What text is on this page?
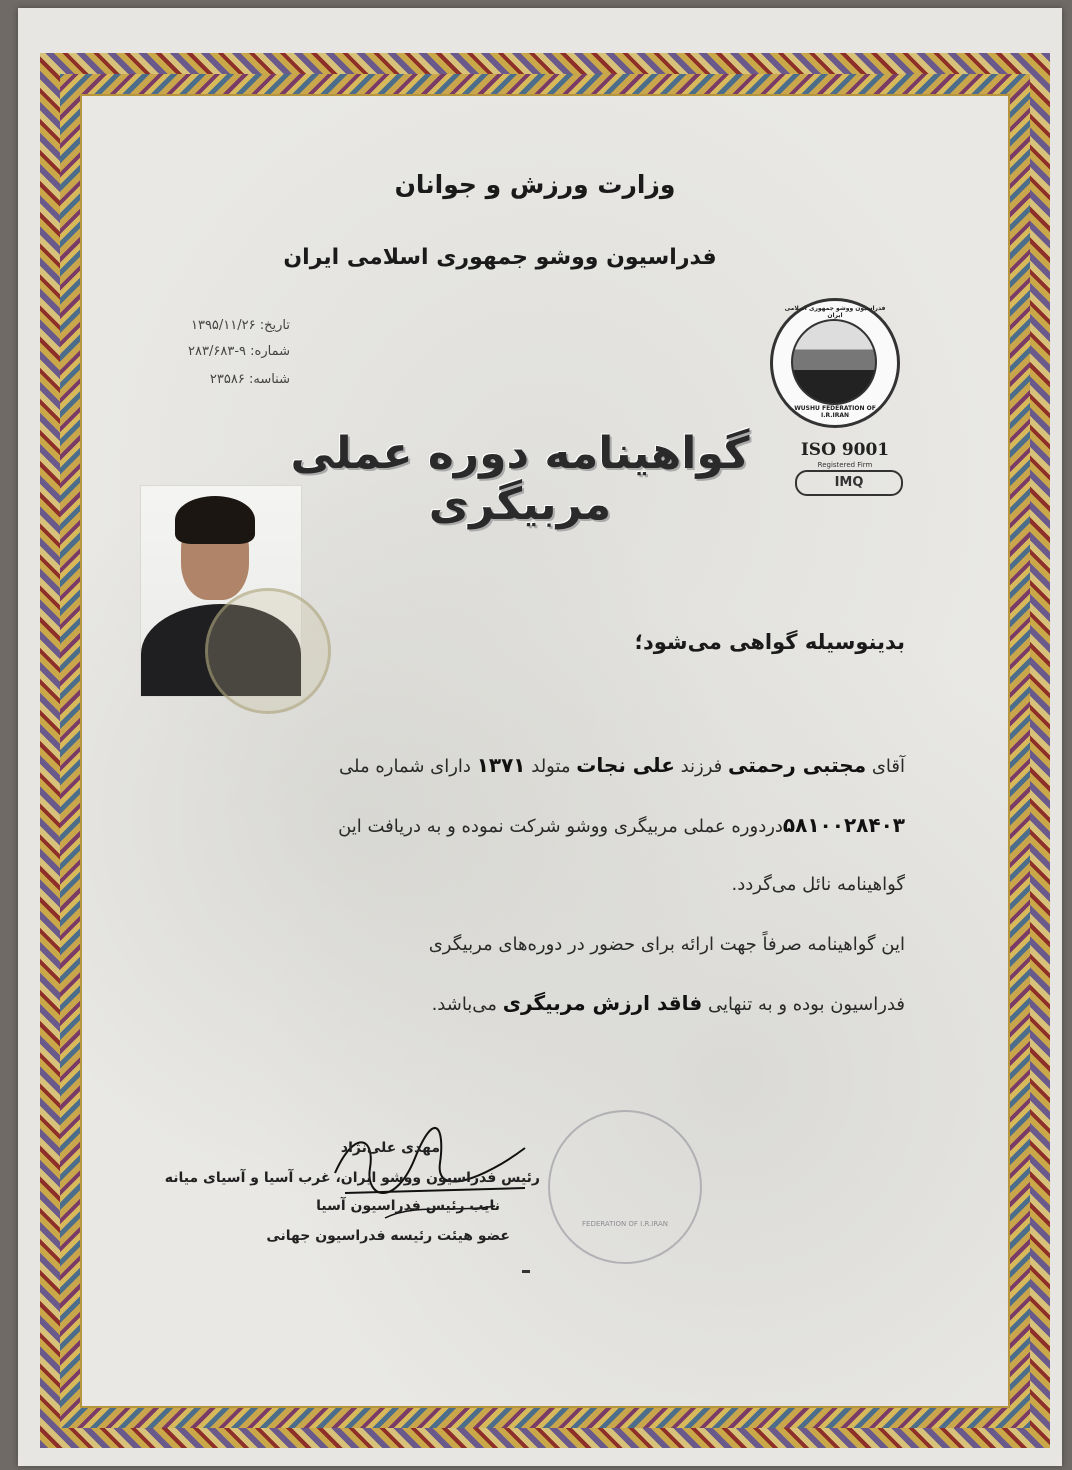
وزارت ورزش و جوانان
فدراسیون ووشو جمهوری اسلامی ایران
تاریخ: ۱۳۹۵/۱۱/۲۶
شماره: ۹-۲۸۳/۶۸۳
شناسه: ۲۳۵۸۶
فدراسیون ووشو جمهوری اسلامی ایران
WUSHU FEDERATION OF I.R.IRAN
ISO 9001
Registered Firm
IMQ
گواهینامه دوره عملی مربیگری
بدینوسیله گواهی می‌شود؛
آقای مجتبی رحمتی فرزند علی نجات متولد ۱۳۷۱ دارای شماره ملی
۵۸۱۰۰۲۸۴۰۳دردوره عملی مربیگری ووشو شرکت نموده و به دریافت این
گواهینامه نائل می‌گردد.
این گواهینامه صرفاً جهت ارائه برای حضور در دوره‌های مربیگری
فدراسیون بوده و به تنهایی فاقد ارزش مربیگری می‌باشد.
FEDERATION OF I.R.IRAN
مهدی علی‌نژاد
رئیس فدراسیون ووشو ایران، غرب آسیا و آسیای میانه
نایب رئیس فدراسیون آسیا
عضو هیئت رئیسه فدراسیون جهانی
